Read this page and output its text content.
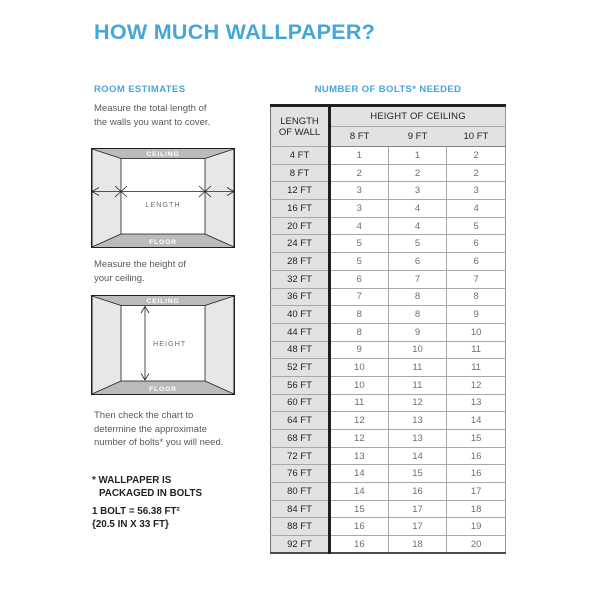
HOW MUCH WALLPAPER?
ROOM ESTIMATES

Measure the total length of
the walls you want to cover.

CEILING
FLOOR
LENGTH

Measure the height of
your ceiling.

CEILING
FLOOR
HEIGHT

Then check the chart to
determine the approximate
number of bolts* you will need.

* WALLPAPER IS
PACKAGED IN BOLTS

1 BOLT = 56.38 FT²
{20.5 IN X 33 FT}

NUMBER OF BOLTS* NEEDED
LENGTH
OF WALL	HEIGHT OF CEILING		
	8 FT	9 FT	10 FT
4 FT	1	1	2
8 FT	2	2	2
12 FT	3	3	3
16 FT	3	4	4
20 FT	4	4	5
24 FT	5	5	6
28 FT	5	6	6
32 FT	6	7	7
36 FT	7	8	8
40 FT	8	8	9
44 FT	8	9	10
48 FT	9	10	11
52 FT	10	11	11
56 FT	10	11	12
60 FT	11	12	13
64 FT	12	13	14
68 FT	12	13	15
72 FT	13	14	16
76 FT	14	15	16
80 FT	14	16	17
84 FT	15	17	18
88 FT	16	17	19
92 FT	16	18	20
